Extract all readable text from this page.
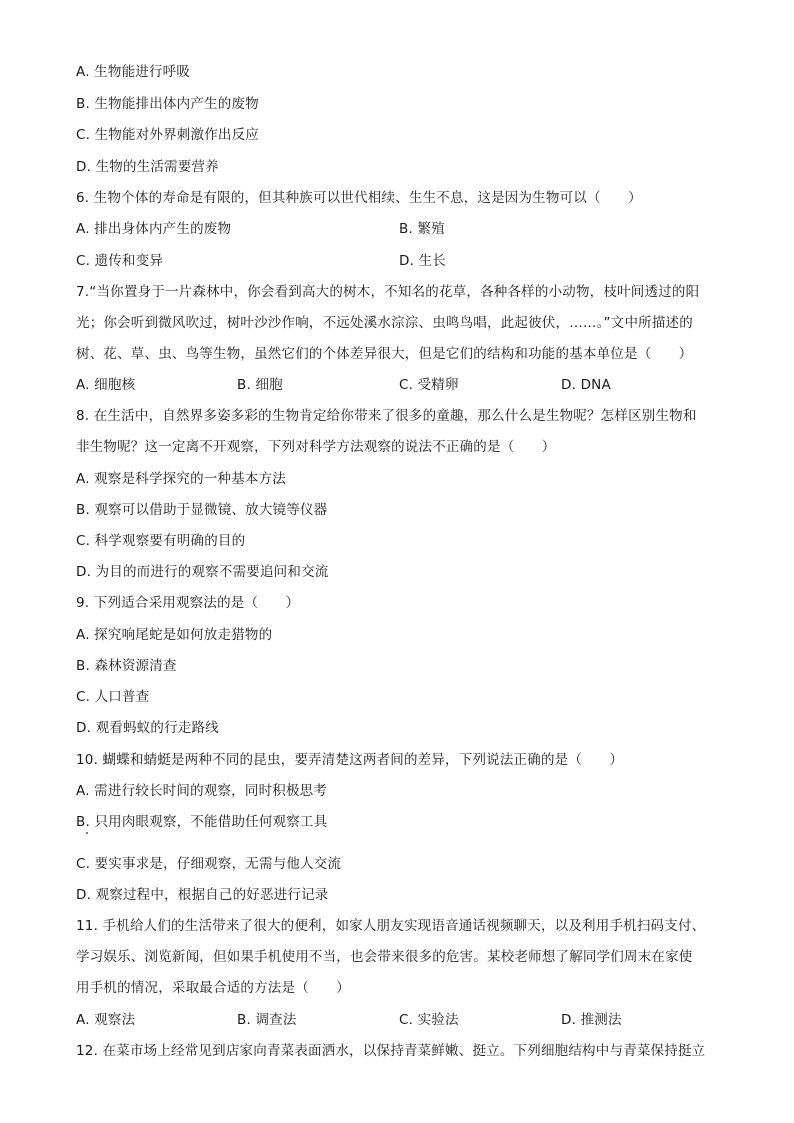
A. 生物能进行呼吸
B. 生物能排出体内产生的废物
C. 生物能对外界刺激作出反应
D. 生物的生活需要营养
6. 生物个体的寿命是有限的，但其种族可以世代相续、生生不息，这是因为生物可以（　　）
A. 排出身体内产生的废物	B. 繁殖
C. 遗传和变异	D. 生长
7.“当你置身于一片森林中，你会看到高大的树木，不知名的花草，各种各样的小动物，枝叶间透过的阳
光；你会听到微风吹过，树叶沙沙作响，不远处溪水淙淙、虫鸣鸟唱，此起彼伏，……。”文中所描述的
树、花、草、虫、鸟等生物，虽然它们的个体差异很大，但是它们的结构和功能的基本单位是（　　）
A. 细胞核	B. 细胞	C. 受精卵	D. DNA
8. 在生活中，自然界多姿多彩的生物肯定给你带来了很多的童趣，那么什么是生物呢？怎样区别生物和
非生物呢？这一定离不开观察，下列对科学方法观察的说法不正确的是（　　）
A. 观察是科学探究的一种基本方法
B. 观察可以借助于显微镜、放大镜等仪器
C. 科学观察要有明确的目的
D. 为目的而进行的观察不需要追问和交流
9. 下列适合采用观察法的是（　　）
A. 探究响尾蛇是如何放走猎物的
B. 森林资源清查
C. 人口普查
D. 观看蚂蚁的行走路线
10. 蝴蝶和蜻蜓是两种不同的昆虫，要弄清楚这两者间的差异，下列说法正确的是（　　）
A. 需进行较长时间的观察，同时积极思考
B. 只用肉眼观察，不能借助任何观察工具
C. 要实事求是，仔细观察，无需与他人交流
D. 观察过程中，根据自己的好恶进行记录
11. 手机给人们的生活带来了很大的便利，如家人朋友实现语音通话视频聊天，以及利用手机扫码支付、
学习娱乐、浏览新闻，但如果手机使用不当，也会带来很多的危害。某校老师想了解同学们周末在家使
用手机的情况，采取最合适的方法是（　　）
A. 观察法	B. 调查法	C. 实验法	D. 推测法
12. 在菜市场上经常见到店家向青菜表面洒水，以保持青菜鲜嫩、挺立。下列细胞结构中与青菜保持挺立
